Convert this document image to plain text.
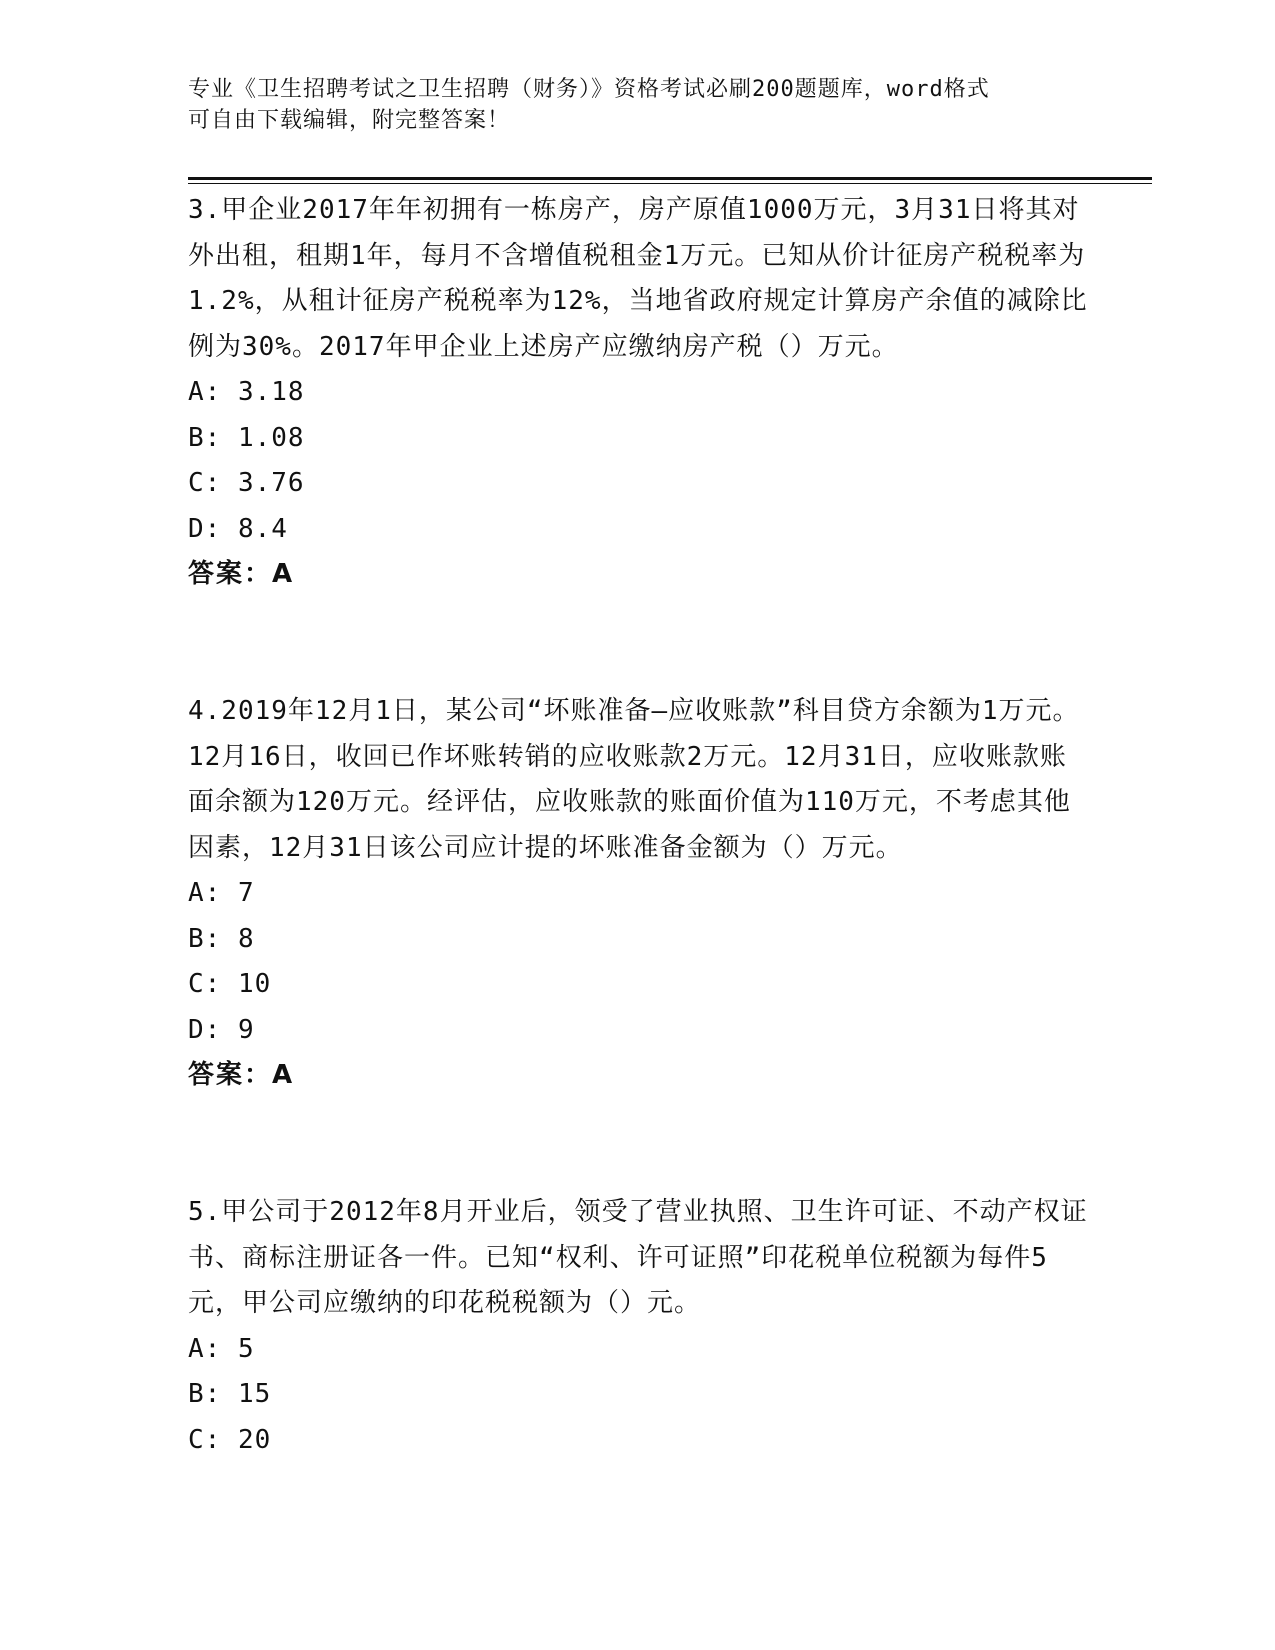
专业《卫生招聘考试之卫生招聘（财务）》资格考试必刷200题题库，word格式
可自由下载编辑，附完整答案！

3.甲企业2017年年初拥有一栋房产，房产原值1000万元，3月31日将其对外出租，租期1年，每月不含增值税租金1万元。已知从价计征房产税税率为1.2%，从租计征房产税税率为12%，当地省政府规定计算房产余值的减除比例为30%。2017年甲企业上述房产应缴纳房产税（）万元。

A: 3.18

B: 1.08

C: 3.76

D: 8.4

答案：A

4.2019年12月1日，某公司“坏账准备—应收账款”科目贷方余额为1万元。12月16日，收回已作坏账转销的应收账款2万元。12月31日，应收账款账面余额为120万元。经评估，应收账款的账面价值为110万元，不考虑其他因素，12月31日该公司应计提的坏账准备金额为（）万元。

A: 7

B: 8

C: 10

D: 9

答案：A

5.甲公司于2012年8月开业后，领受了营业执照、卫生许可证、不动产权证书、商标注册证各一件。已知“权利、许可证照”印花税单位税额为每件5元，甲公司应缴纳的印花税税额为（）元。

A: 5

B: 15

C: 20
